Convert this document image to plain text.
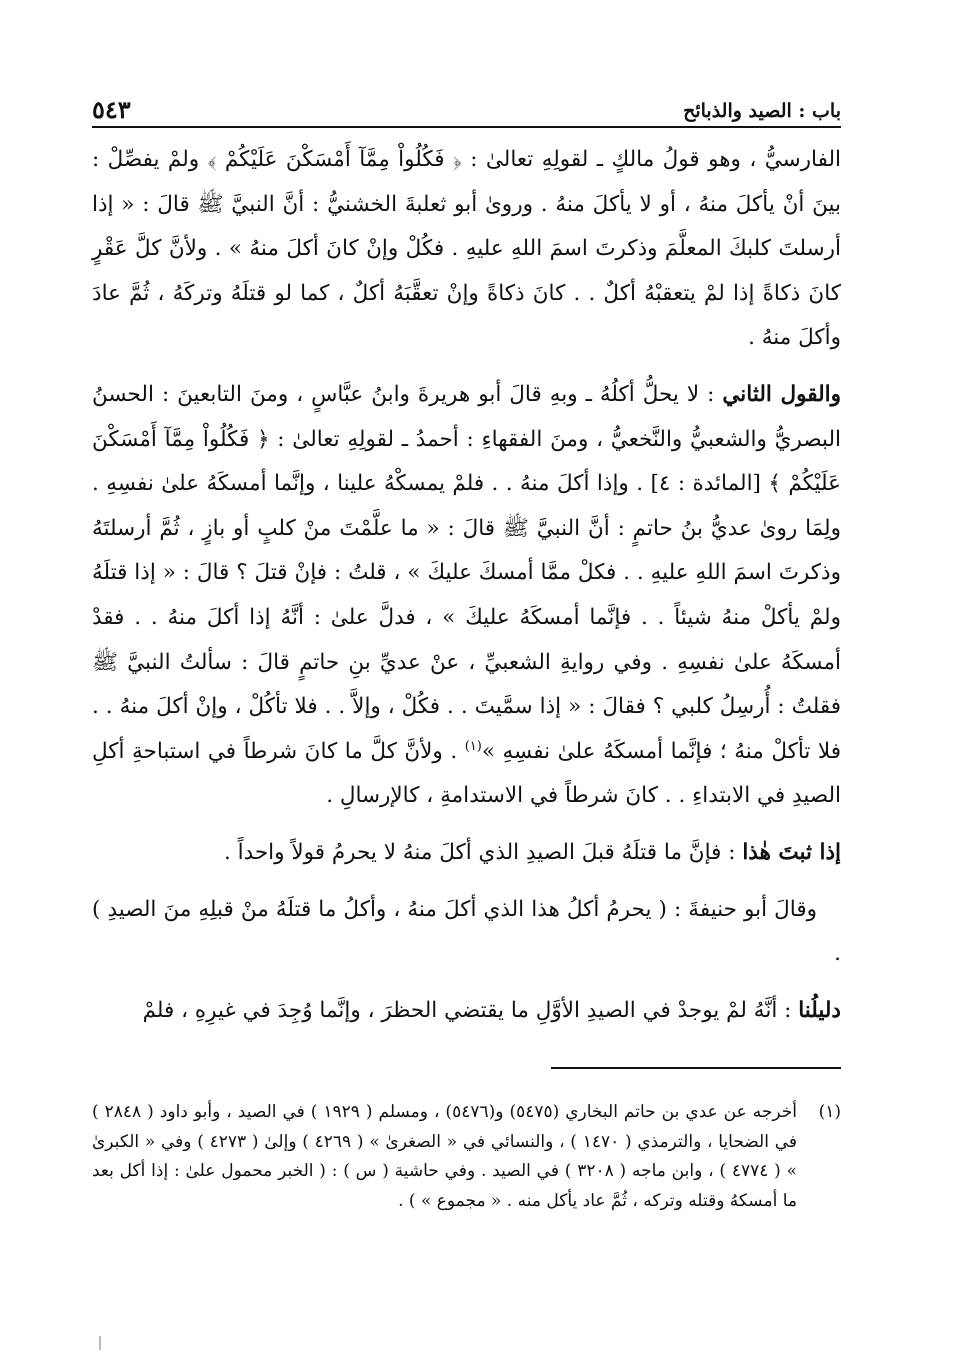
باب : الصيد والذبائح
٥٤٣

الفارسيُّ ، وهو قولُ مالكٍ ـ لقولِهِ تعالىٰ : ﴿ فَكُلُواْ مِمَّآ أَمْسَكْنَ عَلَيْكُمْ ﴾ ولمْ يفصِّلْ : بينَ أنْ يأكلَ منهُ ، أو لا يأكلَ منهُ . وروىٰ أبو ثعلبةَ الخشنيُّ : أنَّ النبيَّ ﷺ قالَ : « إذا أرسلتَ كلبكَ المعلَّمَ وذكرتَ اسمَ اللهِ عليهِ . فكُلْ وإنْ كانَ أكلَ منهُ » . ولأنَّ كلَّ عَقْرٍ كانَ ذكاةً إذا لمْ يتعقبْهُ أكلٌ . . كانَ ذكاةً وإنْ تعقَّبَهُ أكلٌ ، كما لو قتلَهُ وتركَهُ ، ثُمَّ عادَ وأكلَ منهُ .

والقول الثاني : لا يحلُّ أكلُهُ ـ وبهِ قالَ أبو هريرةَ وابنُ عبَّاسٍ ، ومنَ التابعينَ : الحسنُ البصريُّ والشعبيُّ والنَّخعيُّ ، ومنَ الفقهاءِ : أحمدُ ـ لقولِهِ تعالىٰ : ﴿ فَكُلُواْ مِمَّآ أَمْسَكْنَ عَلَيْكُمْ ﴾ [المائدة : ٤] . وإذا أكلَ منهُ . . فلمْ يمسكْهُ علينا ، وإنَّما أمسكَهُ علىٰ نفسِهِ . ولِمَا روىٰ عديُّ بنُ حاتمٍ : أنَّ النبيَّ ﷺ قالَ : « ما علَّمْتَ منْ كلبٍ أو بازٍ ، ثُمَّ أرسلتَهُ وذكرتَ اسمَ اللهِ عليهِ . . فكلْ ممَّا أمسكَ عليكَ » ، قلتُ : فإنْ قتلَ ؟ قالَ : « إذا قتلَهُ ولمْ يأكلْ منهُ شيئاً . . فإنَّما أمسكَهُ عليكَ » ، فدلَّ علىٰ : أنَّهُ إذا أكلَ منهُ . . فقدْ أمسكَهُ علىٰ نفسِهِ . وفي روايةِ الشعبيِّ ، عنْ عديِّ بنِ حاتمٍ قالَ : سألتُ النبيَّ ﷺ فقلتُ : أُرسِلُ كلبي ؟ فقالَ : « إذا سمَّيتَ . . فكُلْ ، وإلاَّ . . فلا تأكُلْ ، وإنْ أكلَ منهُ . . فلا تأكلْ منهُ ؛ فإنَّما أمسكَهُ علىٰ نفسِهِ »$^{(١)}$ . ولأنَّ كلَّ ما كانَ شرطاً في استباحةِ أكلِ الصيدِ في الابتداءِ . . كانَ شرطاً في الاستدامةِ ، كالإرسالِ .

إذا ثبتَ هٰذا : فإنَّ ما قتلَهُ قبلَ الصيدِ الذي أكلَ منهُ لا يحرمُ قولاً واحداً .

وقالَ أبو حنيفةَ : ( يحرمُ أكلُ هذا الذي أكلَ منهُ ، وأكلُ ما قتلَهُ منْ قبلِهِ منَ الصيدِ ) .

دليلُنا : أنَّهُ لمْ يوجدْ في الصيدِ الأوَّلِ ما يقتضي الحظرَ ، وإنَّما وُجِدَ في غيرِهِ ، فلمْ

(١)
أخرجه عن عدي بن حاتم البخاري (٥٤٧٥) و(٥٤٧٦) ، ومسلم ( ١٩٢٩ ) في الصيد ، وأبو داود ( ٢٨٤٨ ) في الضحايا ، والترمذي ( ١٤٧٠ ) ، والنسائي في « الصغرىٰ » ( ٤٢٦٩ ) وإلىٰ ( ٤٢٧٣ ) وفي « الكبرىٰ » ( ٤٧٧٤ ) ، وابن ماجه ( ٣٢٠٨ ) في الصيد . وفي حاشية ( س ) : ( الخبر محمول علىٰ : إذا أكل بعد ما أمسكهُ وقتله وتركه ، ثُمَّ عاد يأكل منه . « مجموع » ) .
